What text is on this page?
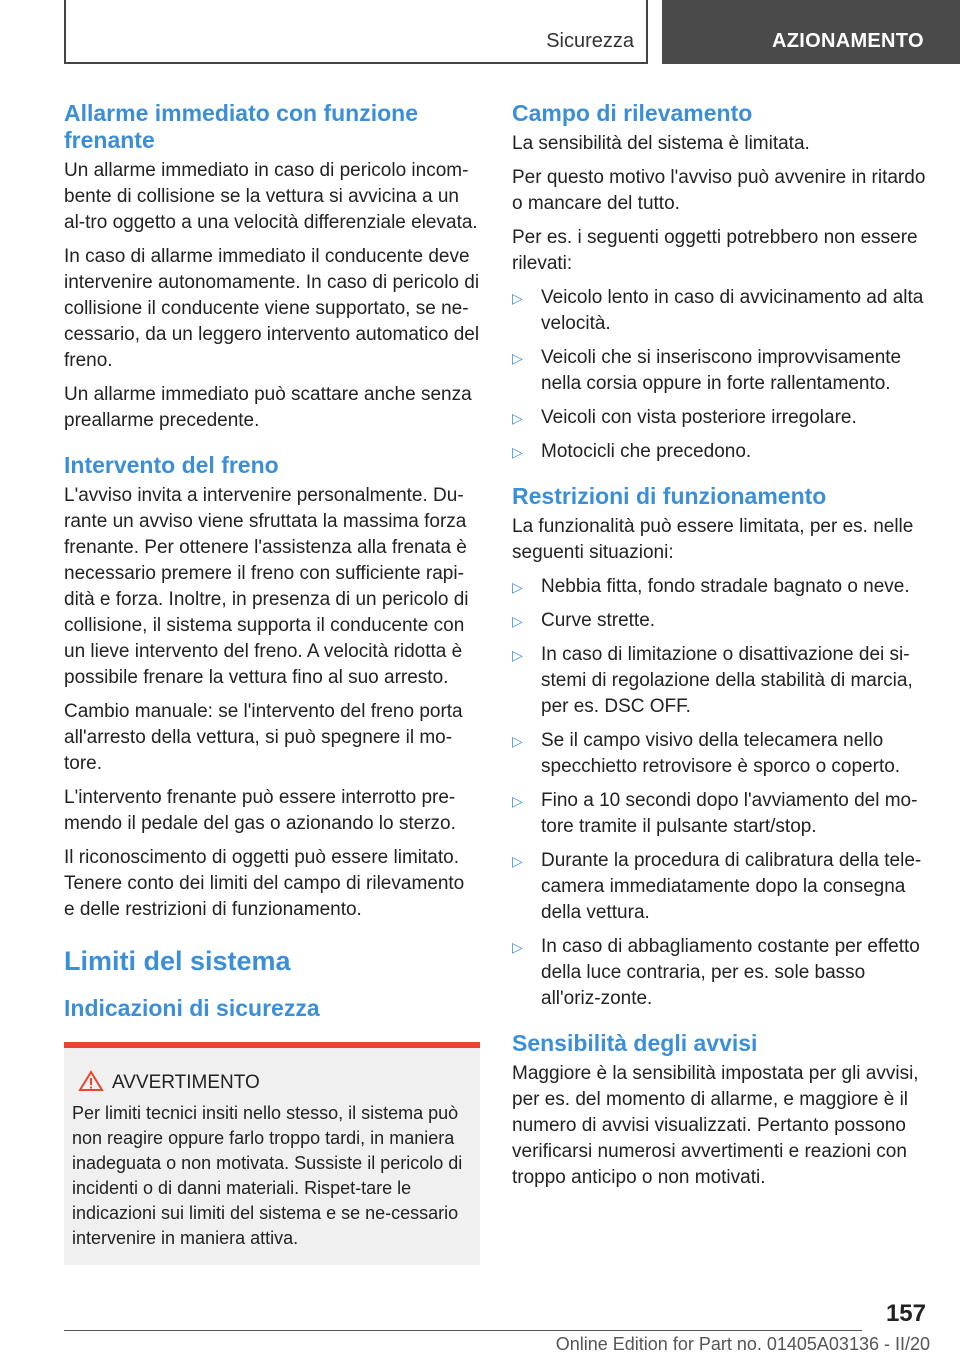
Sicurezza	AZIONAMENTO
Allarme immediato con funzione frenante

Un allarme immediato in caso di pericolo incom-bente di collisione se la vettura si avvicina a un al-tro oggetto a una velocità differenziale elevata.

In caso di allarme immediato il conducente deve intervenire autonomamente. In caso di pericolo di collisione il conducente viene supportato, se ne-cessario, da un leggero intervento automatico del freno.

Un allarme immediato può scattare anche senza preallarme precedente.

Intervento del freno

L'avviso invita a intervenire personalmente. Du-rante un avviso viene sfruttata la massima forza frenante. Per ottenere l'assistenza alla frenata è necessario premere il freno con sufficiente rapi-dità e forza. Inoltre, in presenza di un pericolo di collisione, il sistema supporta il conducente con un lieve intervento del freno. A velocità ridotta è possibile frenare la vettura fino al suo arresto.

Cambio manuale: se l'intervento del freno porta all'arresto della vettura, si può spegnere il mo-tore.

L'intervento frenante può essere interrotto pre-mendo il pedale del gas o azionando lo sterzo.

Il riconoscimento di oggetti può essere limitato. Tenere conto dei limiti del campo di rilevamento e delle restrizioni di funzionamento.

Limiti del sistema
Indicazioni di sicurezza
AVVERTIMENTO
Per limiti tecnici insiti nello stesso, il sistema può non reagire oppure farlo troppo tardi, in maniera inadeguata o non motivata. Sussiste il pericolo di incidenti o di danni materiali. Rispet-tare le indicazioni sui limiti del sistema e se ne-cessario intervenire in maniera attiva.
Campo di rilevamento

La sensibilità del sistema è limitata.

Per questo motivo l'avviso può avvenire in ritardo o mancare del tutto.

Per es. i seguenti oggetti potrebbero non essere rilevati:

▷ Veicolo lento in caso di avvicinamento ad alta velocità.
▷ Veicoli che si inseriscono improvvisamente nella corsia oppure in forte rallentamento.
▷ Veicoli con vista posteriore irregolare.
▷ Motocicli che precedono.
Restrizioni di funzionamento

La funzionalità può essere limitata, per es. nelle seguenti situazioni:

▷ Nebbia fitta, fondo stradale bagnato o neve.
▷ Curve strette.
▷ In caso di limitazione o disattivazione dei si-stemi di regolazione della stabilità di marcia, per es. DSC OFF.
▷ Se il campo visivo della telecamera nello specchietto retrovisore è sporco o coperto.
▷ Fino a 10 secondi dopo l'avviamento del mo-tore tramite il pulsante start/stop.
▷ Durante la procedura di calibratura della tele-camera immediatamente dopo la consegna della vettura.
▷ In caso di abbagliamento costante per effetto della luce contraria, per es. sole basso all'oriz-zonte.
Sensibilità degli avvisi

Maggiore è la sensibilità impostata per gli avvisi, per es. del momento di allarme, e maggiore è il numero di avvisi visualizzati. Pertanto possono verificarsi numerosi avvertimenti e reazioni con troppo anticipo o non motivati.

157
Online Edition for Part no. 01405A03136 - II/20
